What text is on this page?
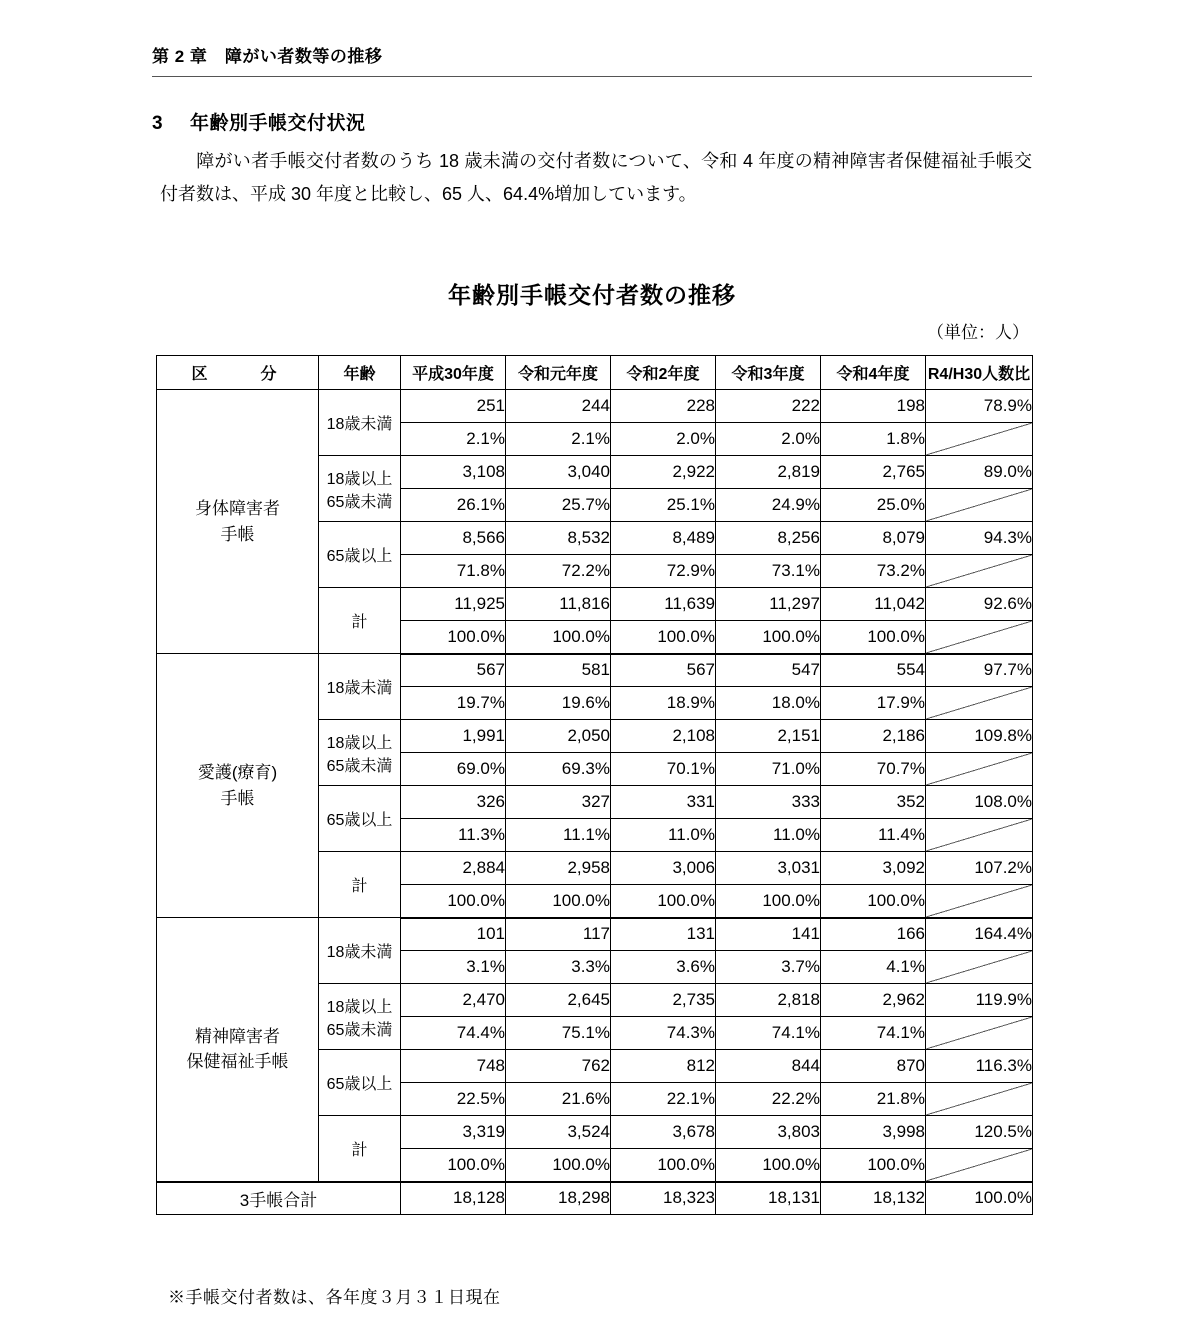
第 2 章　障がい者数等の推移
3 年齢別手帳交付状況
障がい者手帳交付者数のうち 18 歳未満の交付者数について、令和 4 年度の精神障害者保健福祉手帳交付者数は、平成 30 年度と比較し、65 人、64.4%増加しています。
年齢別手帳交付者数の推移
（単位：人）
区　　分	年齢	平成30年度	令和元年度	令和2年度	令和3年度	令和4年度	R4/H30人数比
身体障害者
手帳	18歳未満	251	244	228	222	198	78.9%
		2.1%	2.1%	2.0%	2.0%	1.8%	
	18歳以上
65歳未満	3,108	3,040	2,922	2,819	2,765	89.0%
		26.1%	25.7%	25.1%	24.9%	25.0%	
	65歳以上	8,566	8,532	8,489	8,256	8,079	94.3%
		71.8%	72.2%	72.9%	73.1%	73.2%	
	計	11,925	11,816	11,639	11,297	11,042	92.6%
		100.0%	100.0%	100.0%	100.0%	100.0%	
愛護(療育)
手帳	18歳未満	567	581	567	547	554	97.7%
		19.7%	19.6%	18.9%	18.0%	17.9%	
	18歳以上
65歳未満	1,991	2,050	2,108	2,151	2,186	109.8%
		69.0%	69.3%	70.1%	71.0%	70.7%	
	65歳以上	326	327	331	333	352	108.0%
		11.3%	11.1%	11.0%	11.0%	11.4%	
	計	2,884	2,958	3,006	3,031	3,092	107.2%
		100.0%	100.0%	100.0%	100.0%	100.0%	
精神障害者
保健福祉手帳	18歳未満	101	117	131	141	166	164.4%
		3.1%	3.3%	3.6%	3.7%	4.1%	
	18歳以上
65歳未満	2,470	2,645	2,735	2,818	2,962	119.9%
		74.4%	75.1%	74.3%	74.1%	74.1%	
	65歳以上	748	762	812	844	870	116.3%
		22.5%	21.6%	22.1%	22.2%	21.8%	
	計	3,319	3,524	3,678	3,803	3,998	120.5%
		100.0%	100.0%	100.0%	100.0%	100.0%	
3手帳合計		18,128	18,298	18,323	18,131	18,132	100.0%
※手帳交付者数は、各年度３月３１日現在
